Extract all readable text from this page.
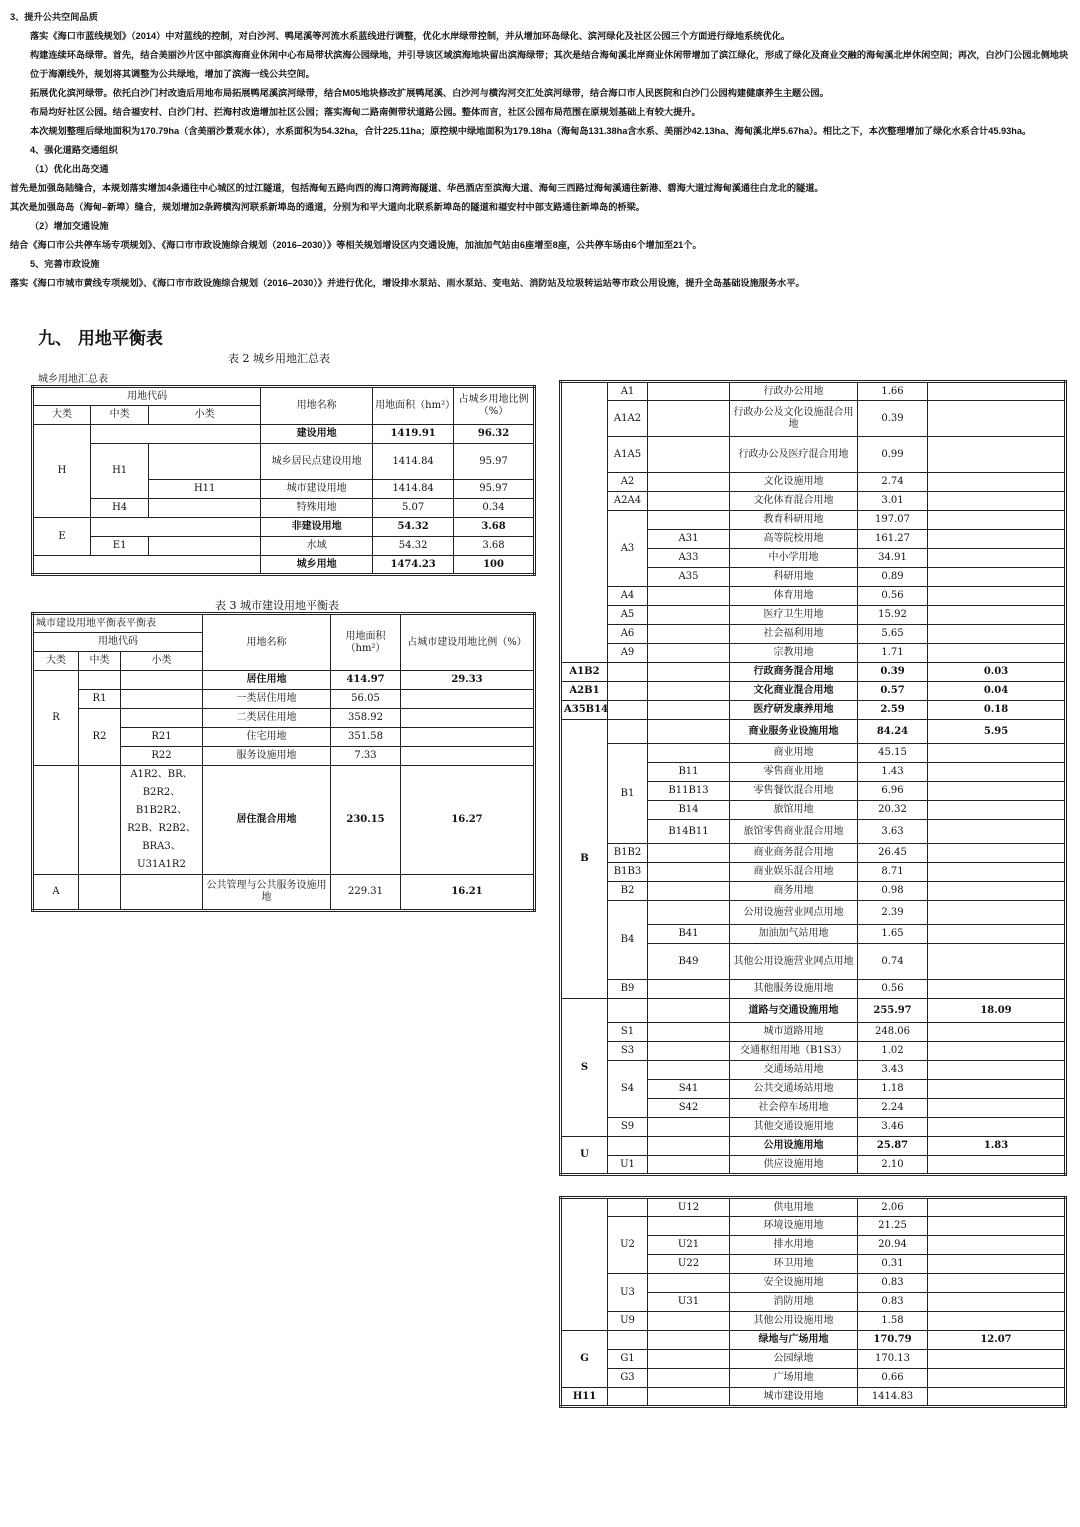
3、提升公共空间品质

落实《海口市蓝线规划》（2014）中对蓝线的控制，对白沙河、鸭尾溪等河流水系蓝线进行调整，优化水岸绿带控制，并从增加环岛绿化、滨河绿化及社区公园三个方面进行绿地系统优化。

构建连续环岛绿带。首先，结合美丽沙片区中部滨海商业休闲中心布局带状滨海公园绿地，并引导该区域滨海地块留出滨海绿带；其次是结合海甸溪北岸商业休闲带增加了滨江绿化，形成了绿化及商业交融的海甸溪北岸休闲空间；再次，白沙门公园北侧地块位于海潮线外，规划将其调整为公共绿地，增加了滨海一线公共空间。

拓展优化滨河绿带。依托白沙门村改造后用地布局拓展鸭尾溪滨河绿带，结合M05地块修改扩展鸭尾溪、白沙河与横沟河交汇处滨河绿带，结合海口市人民医院和白沙门公园构建健康养生主题公园。

布局均好社区公园。结合福安村、白沙门村、拦海村改造增加社区公园；落实海甸二路南侧带状道路公园。整体而言，社区公园布局范围在原规划基础上有较大提升。

本次规划整理后绿地面积为170.79ha（含美丽沙景观水体），水系面积为54.32ha，合计225.11ha；原控规中绿地面积为179.18ha（海甸岛131.38ha含水系、美丽沙42.13ha、海甸溪北岸5.67ha）。相比之下，本次整理增加了绿化水系合计45.93ha。

4、强化道路交通组织

（1）优化出岛交通

首先是加强岛陆缝合，本规划落实增加4条通往中心城区的过江隧道，包括海甸五路向西的海口湾跨海隧道、华邑酒店至滨海大道、海甸三西路过海甸溪通往新港、碧海大道过海甸溪通往白龙北的隧道。

其次是加强岛岛（海甸–新埠）缝合，规划增加2条跨横沟河联系新埠岛的通道，分别为和平大道向北联系新埠岛的隧道和福安村中部支路通往新埠岛的桥梁。

（2）增加交通设施

结合《海口市公共停车场专项规划》、《海口市市政设施综合规划（2016–2030）》等相关规划增设区内交通设施，加油加气站由6座增至8座，公共停车场由6个增加至21个。

5、完善市政设施

落实《海口市城市黄线专项规划》、《海口市市政设施综合规划（2016–2030）》并进行优化，增设排水泵站、雨水泵站、变电站、消防站及垃圾转运站等市政公用设施，提升全岛基础设施服务水平。

九、 用地平衡表
表 2 城乡用地汇总表
城乡用地汇总表
用地代码			用地名称	用地面积（hm²）	占城乡用地比例（%）
大类	中类	小类			
H			建设用地	1419.91	96.32
	H1		城乡居民点建设用地	1414.84	95.97
		H11	城市建设用地	1414.84	95.97
	H4		特殊用地	5.07	0.34
E			非建设用地	54.32	3.68
	E1		水域	54.32	3.68
			城乡用地	1474.23	100
表 3 城市建设用地平衡表
城市建设用地平衡表平衡表			用地名称	用地面积（hm²）	占城市建设用地比例（%）
用地代码					
大类	中类	小类			
R			居住用地	414.97	29.33
	R1		一类居住用地	56.05	
	R2		二类居住用地	358.92	
		R21	住宅用地	351.58	
		R22	服务设施用地	7.33	
		A1R2、BR、B2R2、B1B2R2、R2B、R2B2、BRA3、U31A1R2	居住混合用地	230.15	16.27
A			公共管理与公共服务设施用地	229.31	16.21
	A1		行政办公用地	1.66	
	A1A2		行政办公及文化设施混合用地	0.39	
	A1A5		行政办公及医疗混合用地	0.99	
	A2		文化设施用地	2.74	
	A2A4		文化体育混合用地	3.01	
	A3		教育科研用地	197.07	
		A31	高等院校用地	161.27	
		A33	中小学用地	34.91	
		A35	科研用地	0.89	
	A4		体育用地	0.56	
	A5		医疗卫生用地	15.92	
	A6		社会福利用地	5.65	
	A9		宗教用地	1.71	
A1B2			行政商务混合用地	0.39	0.03
A2B1			文化商业混合用地	0.57	0.04
A35B14			医疗研发康养用地	2.59	0.18
B			商业服务业设施用地	84.24	5.95
	B1		商业用地	45.15	
		B11	零售商业用地	1.43	
		B11B13	零售餐饮混合用地	6.96	
		B14	旅馆用地	20.32	
		B14B11	旅馆零售商业混合用地	3.63	
	B1B2		商业商务混合用地	26.45	
	B1B3		商业娱乐混合用地	8.71	
	B2		商务用地	0.98	
	B4		公用设施营业网点用地	2.39	
		B41	加油加气站用地	1.65	
		B49	其他公用设施营业网点用地	0.74	
	B9		其他服务设施用地	0.56	
S			道路与交通设施用地	255.97	18.09
	S1		城市道路用地	248.06	
	S3		交通枢纽用地（B1S3）	1.02	
	S4		交通场站用地	3.43	
		S41	公共交通场站用地	1.18	
		S42	社会停车场用地	2.24	
	S9		其他交通设施用地	3.46	
U			公用设施用地	25.87	1.83
	U1		供应设施用地	2.10	
		U12	供电用地	2.06	
	U2		环境设施用地	21.25	
		U21	排水用地	20.94	
		U22	环卫用地	0.31	
	U3		安全设施用地	0.83	
		U31	消防用地	0.83	
	U9		其他公用设施用地	1.58	
G			绿地与广场用地	170.79	12.07
	G1		公园绿地	170.13	
	G3		广场用地	0.66	
H11			城市建设用地	1414.83	
